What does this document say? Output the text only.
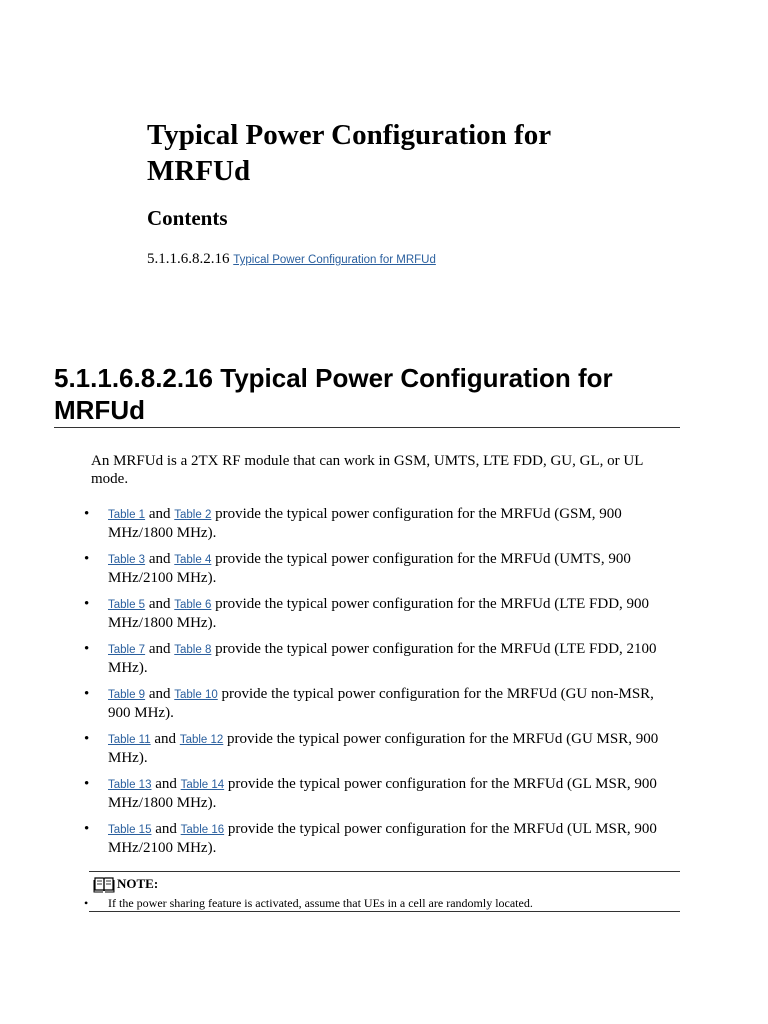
Typical Power Configuration for MRFUd
Contents
5.1.1.6.8.2.16 Typical Power Configuration for MRFUd
5.1.1.6.8.2.16 Typical Power Configuration for MRFUd

An MRFUd is a 2TX RF module that can work in GSM, UMTS, LTE FDD, GU, GL, or UL mode.

•	Table 1 and Table 2 provide the typical power configuration for the MRFUd (GSM, 900 MHz/1800 MHz).
•	Table 3 and Table 4 provide the typical power configuration for the MRFUd (UMTS, 900 MHz/2100 MHz).
•	Table 5 and Table 6 provide the typical power configuration for the MRFUd (LTE FDD, 900 MHz/1800 MHz).
•	Table 7 and Table 8 provide the typical power configuration for the MRFUd (LTE FDD, 2100 MHz).
•	Table 9 and Table 10 provide the typical power configuration for the MRFUd (GU non-MSR, 900 MHz).
•	Table 11 and Table 12 provide the typical power configuration for the MRFUd (GU MSR, 900 MHz).
•	Table 13 and Table 14 provide the typical power configuration for the MRFUd (GL MSR, 900 MHz/1800 MHz).
•	Table 15 and Table 16 provide the typical power configuration for the MRFUd (UL MSR, 900 MHz/2100 MHz).
NOTE:
•	If the power sharing feature is activated, assume that UEs in a cell are randomly located.
